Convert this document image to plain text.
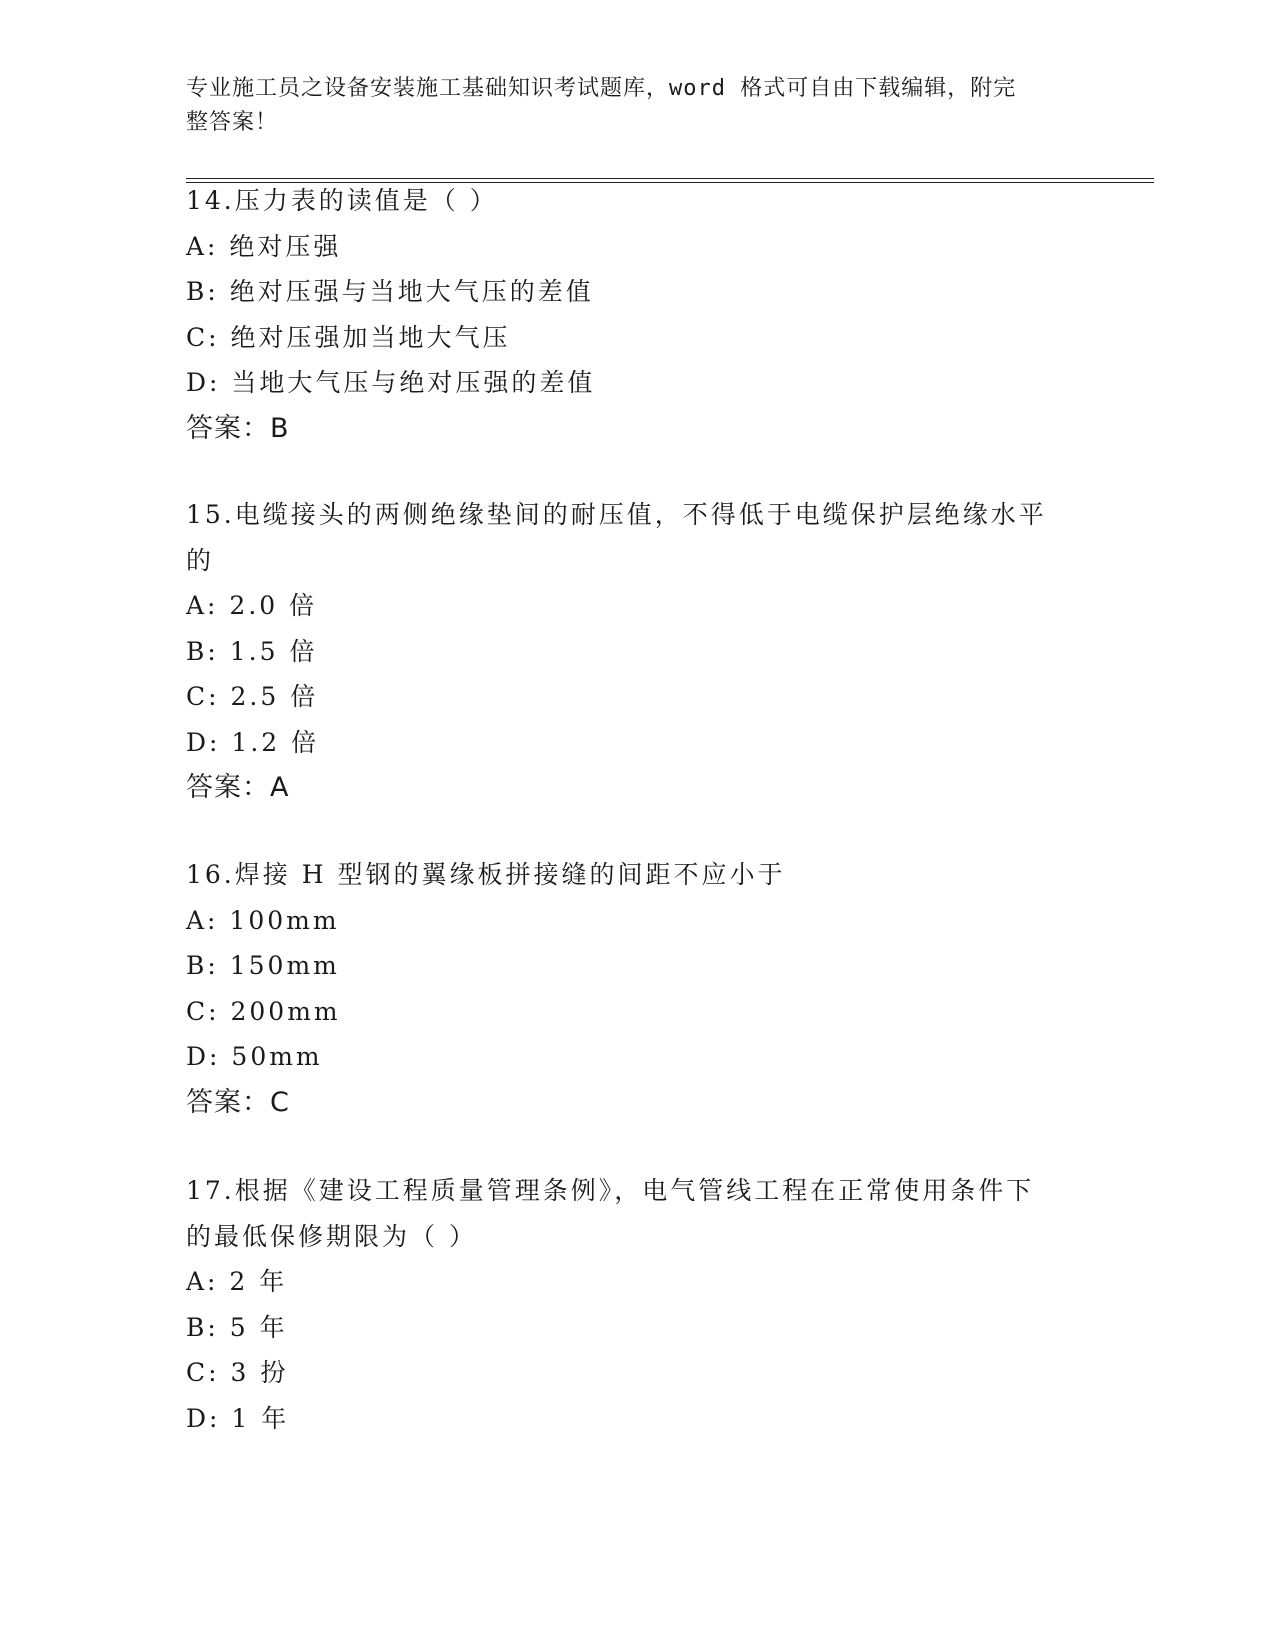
专业施工员之设备安装施工基础知识考试题库，word 格式可自由下载编辑，附完
整答案！
14.压力表的读值是（ ）
A: 绝对压强
B: 绝对压强与当地大气压的差值
C: 绝对压强加当地大气压
D: 当地大气压与绝对压强的差值
答案：B
15.电缆接头的两侧绝缘垫间的耐压值，不得低于电缆保护层绝缘水平
的
A: 2.0 倍
B: 1.5 倍
C: 2.5 倍
D: 1.2 倍
答案：A
16.焊接 H 型钢的翼缘板拼接缝的间距不应小于
A: 100mm
B: 150mm
C: 200mm
D: 50mm
答案：C
17.根据《建设工程质量管理条例》，电气管线工程在正常使用条件下
的最低保修期限为（ ）
A: 2 年
B: 5 年
C: 3 扮
D: 1 年
